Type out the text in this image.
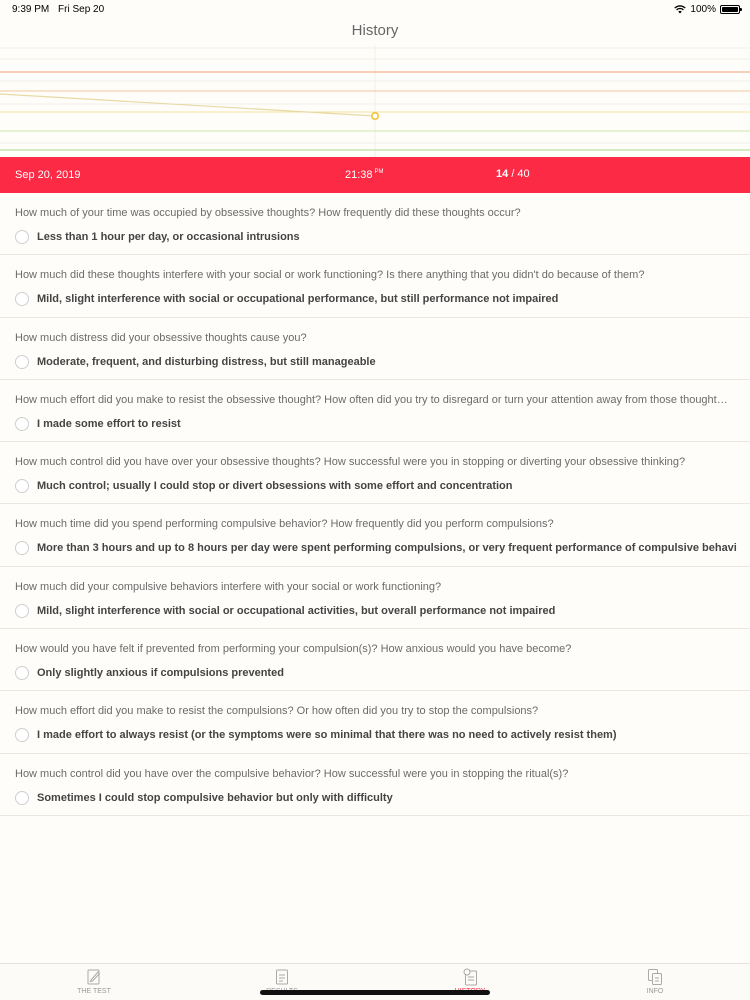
9:39 PM Fri Sep 20	100%
History
Sep 20, 2019	21:38 $^{PM}$	14 / 40
How much of your time was occupied by obsessive thoughts? How frequently did these thoughts occur?
Less than 1 hour per day, or occasional intrusions
How much did these thoughts interfere with your social or work functioning? Is there anything that you didn't do because of them?
Mild, slight interference with social or occupational performance, but still performance not impaired
How much distress did your obsessive thoughts cause you?
Moderate, frequent, and disturbing distress, but still manageable
How much effort did you make to resist the obsessive thought? How often did you try to disregard or turn your attention away from those thought…
I made some effort to resist
How much control did you have over your obsessive thoughts? How successful were you in stopping or diverting your obsessive thinking?
Much control; usually I could stop or divert obsessions with some effort and concentration
How much time did you spend performing compulsive behavior? How frequently did you perform compulsions?
More than 3 hours and up to 8 hours per day were spent performing compulsions, or very frequent performance of compulsive behavi
How much did your compulsive behaviors interfere with your social or work functioning?
Mild, slight interference with social or occupational activities, but overall performance not impaired
How would you have felt if prevented from performing your compulsion(s)? How anxious would you have become?
Only slightly anxious if compulsions prevented
How much effort did you make to resist the compulsions? Or how often did you try to stop the compulsions?
I made effort to always resist (or the symptoms were so minimal that there was no need to actively resist them)
How much control did you have over the compulsive behavior? How successful were you in stopping the ritual(s)?
Sometimes I could stop compulsive behavior but only with difficulty
THE TEST	INFO
